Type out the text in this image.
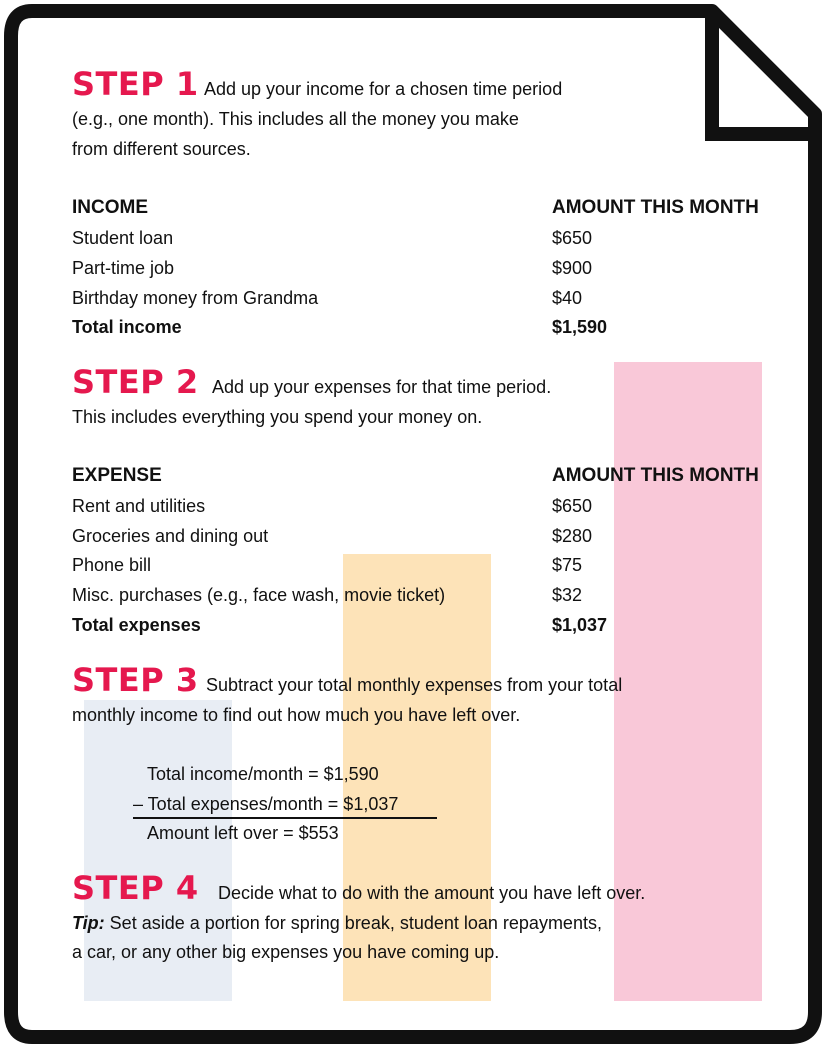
STEP 1 Add up your income for a chosen time period
(e.g., one month). This includes all the money you make
from different sources.
INCOME	AMOUNT THIS MONTH
Student loan	$650
Part-time job	$900
Birthday money from Grandma	$40
Total income	$1,590
STEP 2 Add up your expenses for that time period.
This includes everything you spend your money on.
EXPENSE	AMOUNT THIS MONTH
Rent and utilities	$650
Groceries and dining out	$280
Phone bill	$75
Misc. purchases (e.g., face wash, movie ticket)	$32
Total expenses	$1,037
STEP 3 Subtract your total monthly expenses from your total
monthly income to find out how much you have left over.
Total income/month = $1,590
– Total expenses/month = $1,037
Amount left over = $553
STEP 4 Decide what to do with the amount you have left over.
Tip: Set aside a portion for spring break, student loan repayments,
a car, or any other big expenses you have coming up.
